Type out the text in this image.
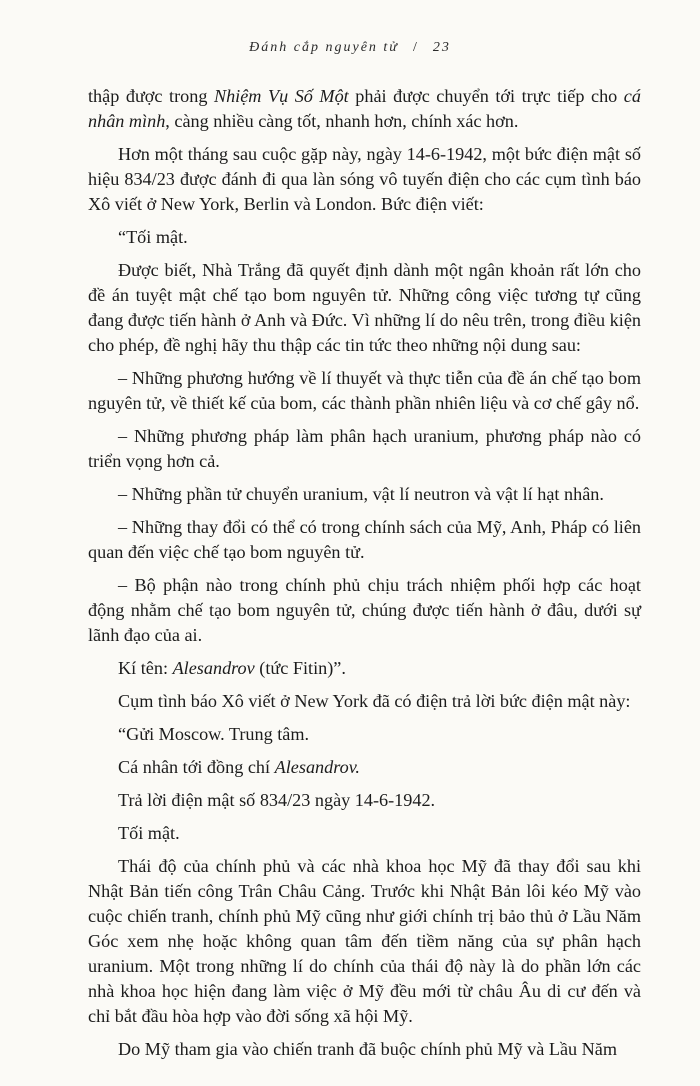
Đánh cắp nguyên tử / 23

thập được trong Nhiệm Vụ Số Một phải được chuyển tới trực tiếp cho cá nhân mình, càng nhiều càng tốt, nhanh hơn, chính xác hơn.

Hơn một tháng sau cuộc gặp này, ngày 14-6-1942, một bức điện mật số hiệu 834/23 được đánh đi qua làn sóng vô tuyến điện cho các cụm tình báo Xô viết ở New York, Berlin và London. Bức điện viết:

“Tối mật.

Được biết, Nhà Trắng đã quyết định dành một ngân khoản rất lớn cho đề án tuyệt mật chế tạo bom nguyên tử. Những công việc tương tự cũng đang được tiến hành ở Anh và Đức. Vì những lí do nêu trên, trong điều kiện cho phép, đề nghị hãy thu thập các tin tức theo những nội dung sau:

– Những phương hướng về lí thuyết và thực tiễn của đề án chế tạo bom nguyên tử, về thiết kế của bom, các thành phần nhiên liệu và cơ chế gây nổ.

– Những phương pháp làm phân hạch uranium, phương pháp nào có triển vọng hơn cả.

– Những phần tử chuyển uranium, vật lí neutron và vật lí hạt nhân.

– Những thay đổi có thể có trong chính sách của Mỹ, Anh, Pháp có liên quan đến việc chế tạo bom nguyên tử.

– Bộ phận nào trong chính phủ chịu trách nhiệm phối hợp các hoạt động nhằm chế tạo bom nguyên tử, chúng được tiến hành ở đâu, dưới sự lãnh đạo của ai.

Kí tên: Alesandrov (tức Fitin)”.

Cụm tình báo Xô viết ở New York đã có điện trả lời bức điện mật này:

“Gửi Moscow. Trung tâm.

Cá nhân tới đồng chí Alesandrov.

Trả lời điện mật số 834/23 ngày 14-6-1942.

Tối mật.

Thái độ của chính phủ và các nhà khoa học Mỹ đã thay đổi sau khi Nhật Bản tiến công Trân Châu Cảng. Trước khi Nhật Bản lôi kéo Mỹ vào cuộc chiến tranh, chính phủ Mỹ cũng như giới chính trị bảo thủ ở Lầu Năm Góc xem nhẹ hoặc không quan tâm đến tiềm năng của sự phân hạch uranium. Một trong những lí do chính của thái độ này là do phần lớn các nhà khoa học hiện đang làm việc ở Mỹ đều mới từ châu Âu di cư đến và chỉ bắt đầu hòa hợp vào đời sống xã hội Mỹ.

Do Mỹ tham gia vào chiến tranh đã buộc chính phủ Mỹ và Lầu Năm
